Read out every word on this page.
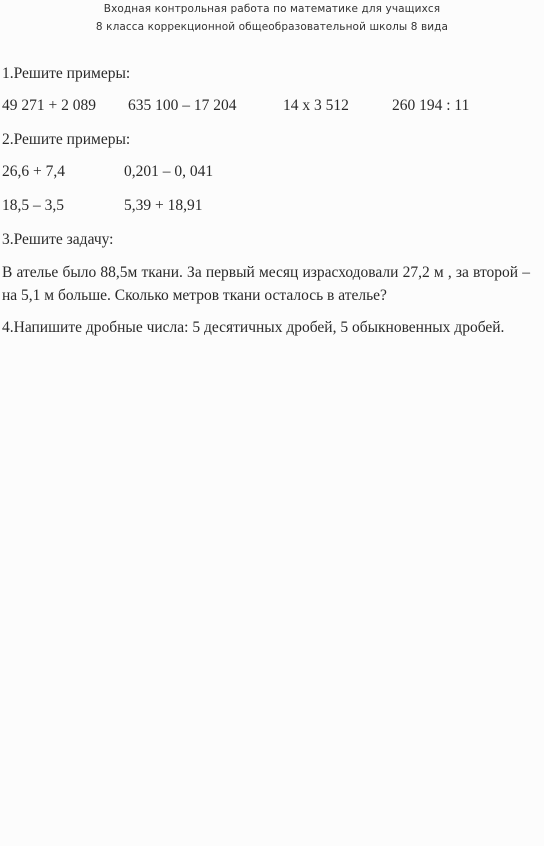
Входная контрольная работа по математике для учащихся
8 класса коррекционной общеобразовательной школы 8 вида
1.Решите примеры:
49 271 + 2 089 635 100 – 17 204	14 х 3 512	260 194 : 11
2.Решите примеры:
26,6 + 7,4	0,201 – 0, 041
18,5 – 3,5	5,39 + 18,91
3.Решите задачу:
В ателье было 88,5м ткани. За первый месяц израсходовали 27,2 м , за второй – на 5,1 м больше. Сколько метров ткани осталось в ателье?
4.Напишите дробные числа: 5 десятичных дробей, 5 обыкновенных дробей.
